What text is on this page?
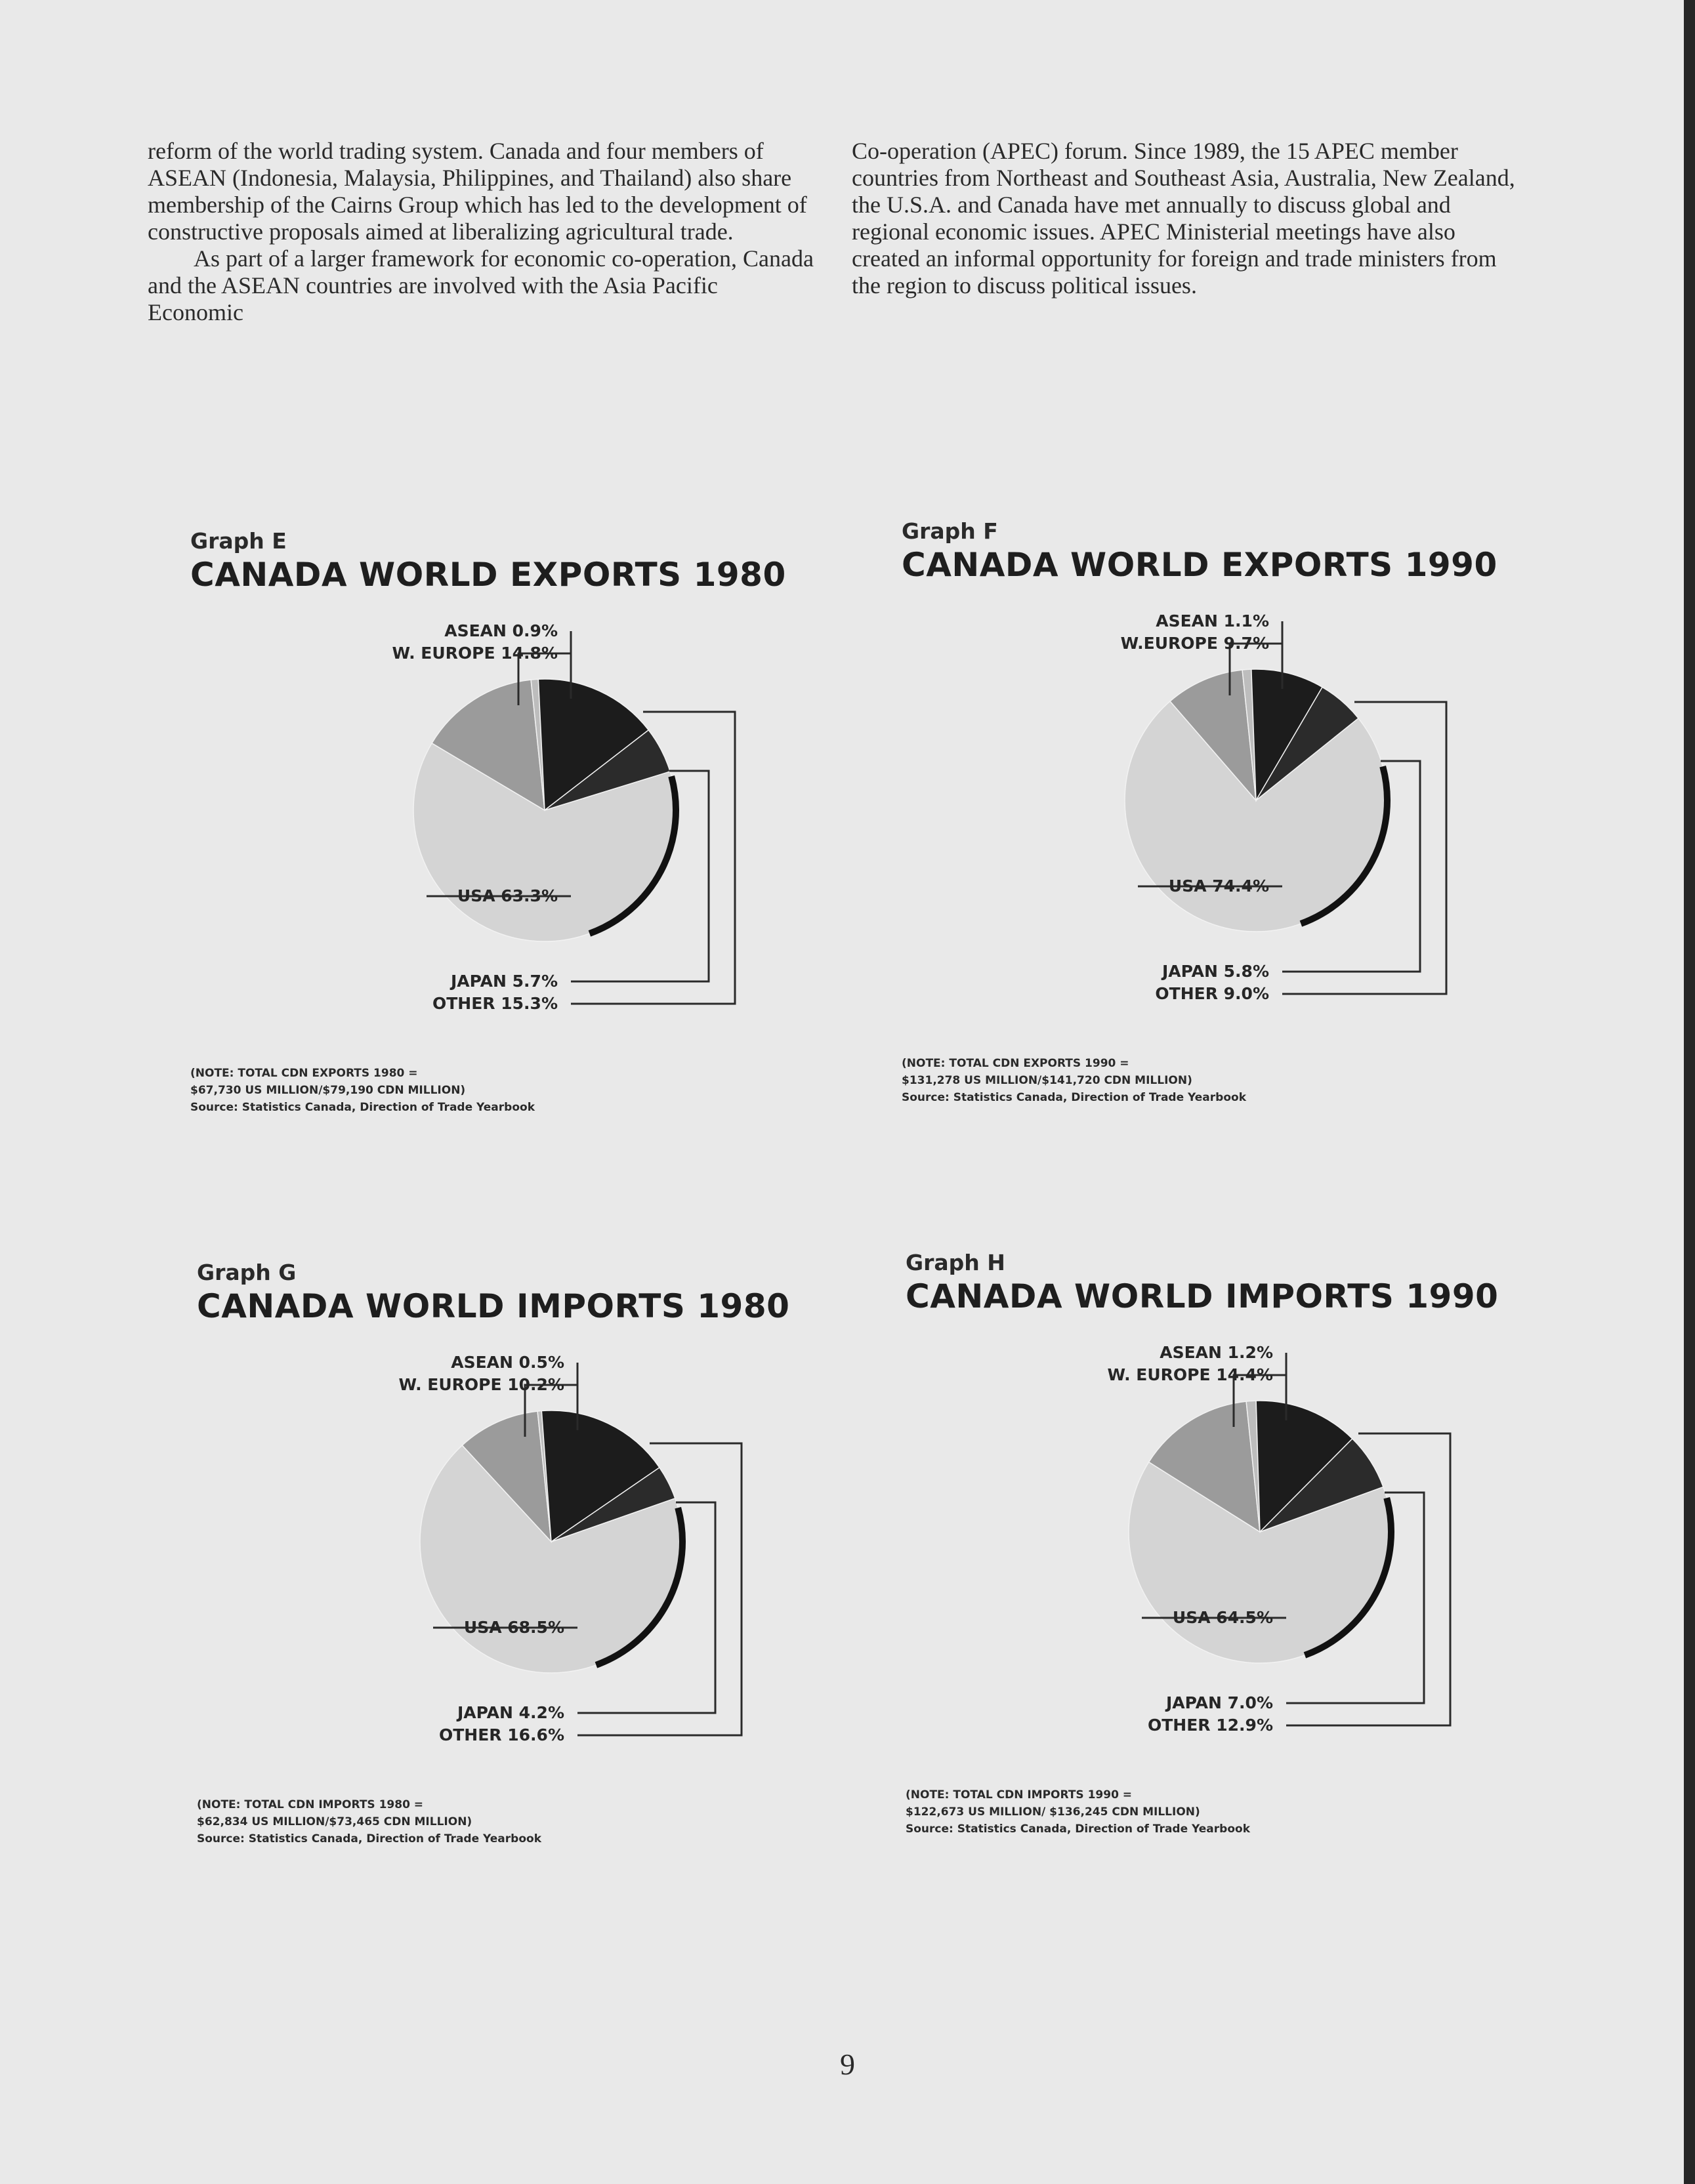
reform of the world trading system. Canada and four members of ASEAN (Indonesia, Malaysia, Philippines, and Thailand) also share membership of the Cairns Group which has led to the development of constructive proposals aimed at liberalizing agricultural trade.

As part of a larger framework for economic co-operation, Canada and the ASEAN countries are involved with the Asia Pacific Economic

Co-operation (APEC) forum. Since 1989, the 15 APEC member countries from Northeast and Southeast Asia, Australia, New Zealand, the U.S.A. and Canada have met annually to discuss global and regional economic issues. APEC Ministerial meetings have also created an informal opportunity for foreign and trade ministers from the region to discuss political issues.

Graph E
CANADA WORLD EXPORTS 1980
ASEAN 0.9%
W. EUROPE 14.8%
USA 63.3%
JAPAN 5.7%
OTHER 15.3%
(NOTE: TOTAL CDN EXPORTS 1980 =
$67,730 US MILLION/$79,190 CDN MILLION)
Source: Statistics Canada, Direction of Trade Yearbook
Graph F
CANADA WORLD EXPORTS 1990
ASEAN 1.1%
W.EUROPE 9.7%
USA 74.4%
JAPAN 5.8%
OTHER 9.0%
(NOTE: TOTAL CDN EXPORTS 1990 =
$131,278 US MILLION/$141,720 CDN MILLION)
Source: Statistics Canada, Direction of Trade Yearbook
Graph G
CANADA WORLD IMPORTS 1980
ASEAN 0.5%
W. EUROPE 10.2%
USA 68.5%
JAPAN 4.2%
OTHER 16.6%
(NOTE: TOTAL CDN IMPORTS 1980 =
$62,834 US MILLION/$73,465 CDN MILLION)
Source: Statistics Canada, Direction of Trade Yearbook
Graph H
CANADA WORLD IMPORTS 1990
ASEAN 1.2%
W. EUROPE 14.4%
USA 64.5%
JAPAN 7.0%
OTHER 12.9%
(NOTE: TOTAL CDN IMPORTS 1990 =
$122,673 US MILLION/ $136,245 CDN MILLION)
Source: Statistics Canada, Direction of Trade Yearbook
9
